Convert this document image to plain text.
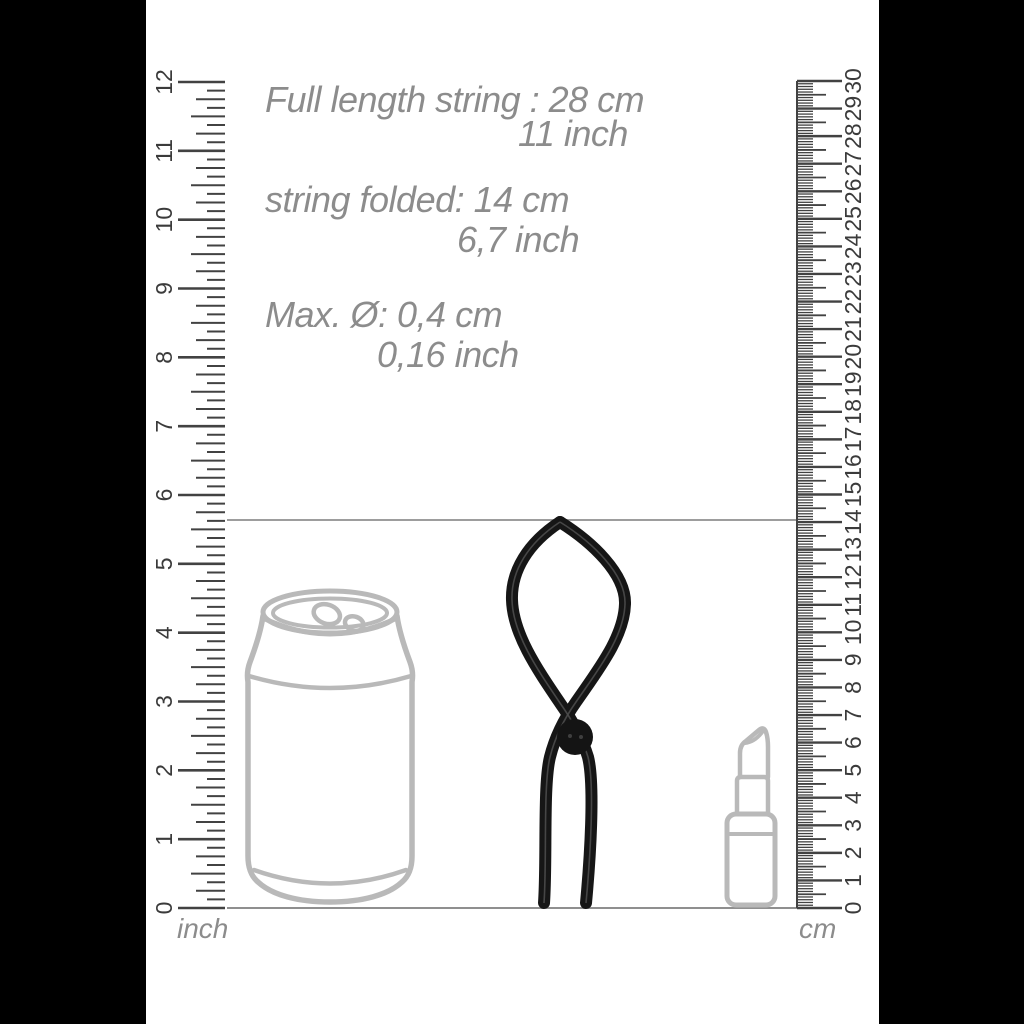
0
1
2
3
4
5
6
7
8
9
10
11
12
0
1
2
3
4
5
6
7
8
9
10
11
12
13
14
15
16
17
18
19
20
21
22
23
24
25
26
27
28
29
30
Full length string : 28 cm
11 inch
string folded: 14 cm
6,7 inch
Max. Ø: 0,4 cm
0,16 inch
inch	cm
